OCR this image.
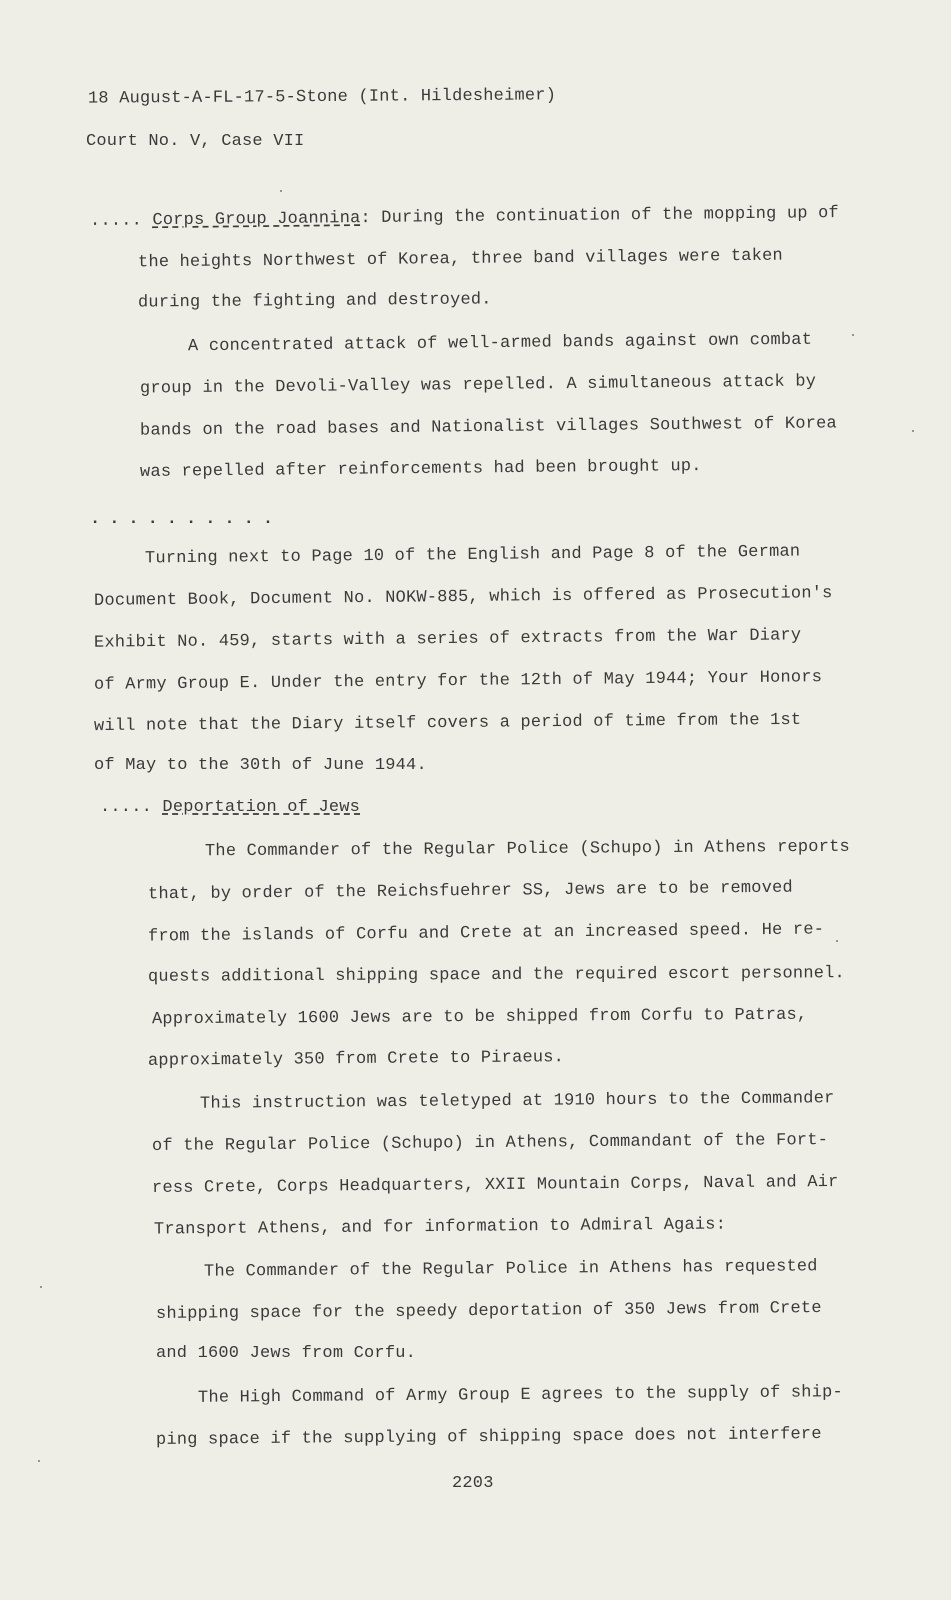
18 August-A-FL-17-5-Stone (Int. Hildesheimer)
Court No. V, Case VII
..... Corps Group Joannina: During the continuation of the mopping up of
the heights Northwest of Korea, three band villages were taken
during the fighting and destroyed.
A concentrated attack of well-armed bands against own combat
group in the Devoli-Valley was repelled. A simultaneous attack by
bands on the road bases and Nationalist villages Southwest of Korea
was repelled after reinforcements had been brought up.
..........
Turning next to Page 10 of the English and Page 8 of the German
Document Book, Document No. NOKW-885, which is offered as Prosecution's
Exhibit No. 459, starts with a series of extracts from the War Diary
of Army Group E. Under the entry for the 12th of May 1944; Your Honors
will note that the Diary itself covers a period of time from the 1st
of May to the 30th of June 1944.
..... Deportation of Jews
The Commander of the Regular Police (Schupo) in Athens reports
that, by order of the Reichsfuehrer SS, Jews are to be removed
from the islands of Corfu and Crete at an increased speed. He re-
quests additional shipping space and the required escort personnel.
Approximately 1600 Jews are to be shipped from Corfu to Patras,
approximately 350 from Crete to Piraeus.
This instruction was teletyped at 1910 hours to the Commander
of the Regular Police (Schupo) in Athens, Commandant of the Fort-
ress Crete, Corps Headquarters, XXII Mountain Corps, Naval and Air
Transport Athens, and for information to Admiral Agais:
The Commander of the Regular Police in Athens has requested
shipping space for the speedy deportation of 350 Jews from Crete
and 1600 Jews from Corfu.
The High Command of Army Group E agrees to the supply of ship-
ping space if the supplying of shipping space does not interfere
2203
